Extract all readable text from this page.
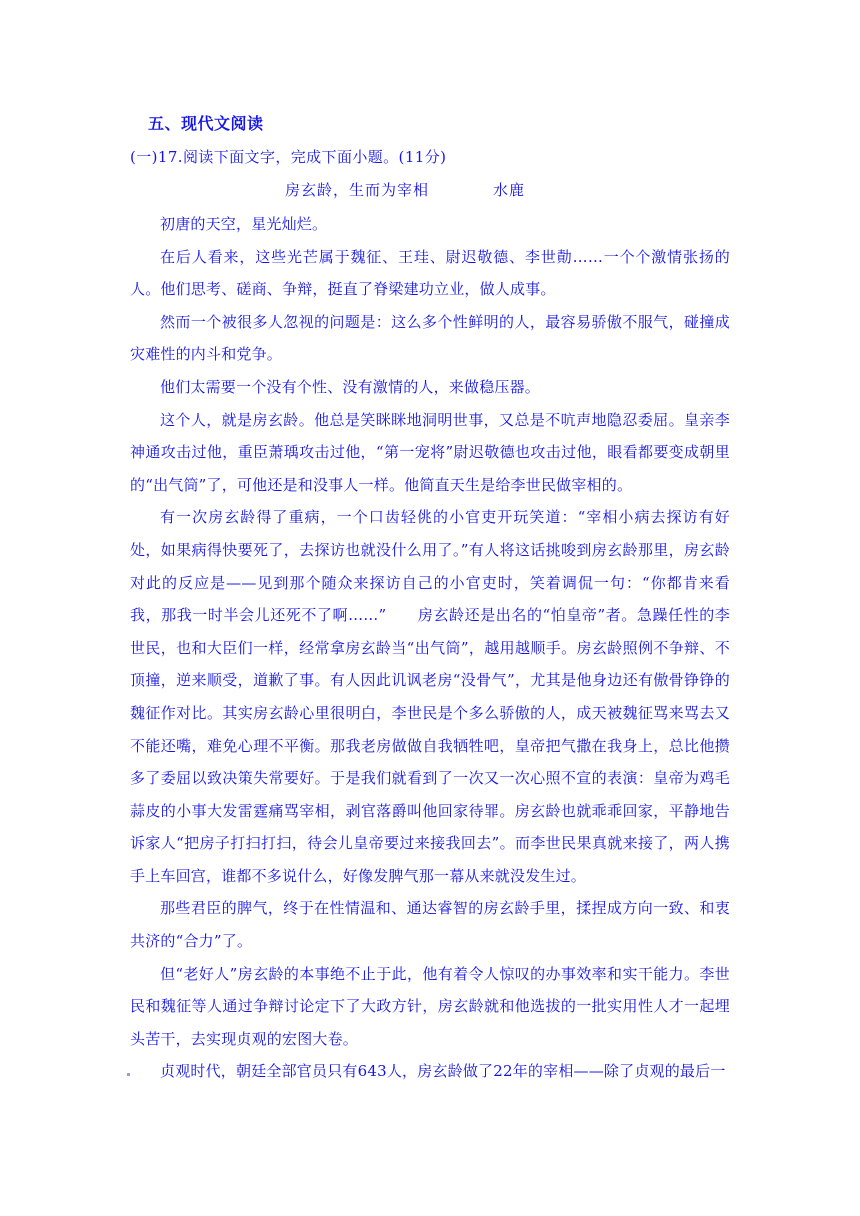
五、现代文阅读
(一)17.阅读下面文字，完成下面小题。(11分)
房玄龄，生而为宰相	水鹿

初唐的天空，星光灿烂。

在后人看来，这些光芒属于魏征、王珪、尉迟敬德、李世勣……一个个激情张扬的人。他们思考、磋商、争辩，挺直了脊梁建功立业，做人成事。

然而一个被很多人忽视的问题是：这么多个性鲜明的人，最容易骄傲不服气，碰撞成灾难性的内斗和党争。

他们太需要一个没有个性、没有激情的人，来做稳压器。

这个人，就是房玄龄。他总是笑眯眯地洞明世事，又总是不吭声地隐忍委屈。皇亲李神通攻击过他，重臣萧瑀攻击过他，“第一宠将”尉迟敬德也攻击过他，眼看都要变成朝里的“出气筒”了，可他还是和没事人一样。他简直天生是给李世民做宰相的。

有一次房玄龄得了重病，一个口齿轻佻的小官吏开玩笑道：“宰相小病去探访有好处，如果病得快要死了，去探访也就没什么用了。”有人将这话挑唆到房玄龄那里，房玄龄对此的反应是——见到那个随众来探访自己的小官吏时，笑着调侃一句：“你都肯来看我，那我一时半会儿还死不了啊……”　　房玄龄还是出名的“怕皇帝”者。急躁任性的李世民，也和大臣们一样，经常拿房玄龄当“出气筒”，越用越顺手。房玄龄照例不争辩、不顶撞，逆来顺受，道歉了事。有人因此讥讽老房“没骨气”，尤其是他身边还有傲骨铮铮的魏征作对比。其实房玄龄心里很明白，李世民是个多么骄傲的人，成天被魏征骂来骂去又不能还嘴，难免心理不平衡。那我老房做做自我牺牲吧，皇帝把气撒在我身上，总比他攒多了委屈以致决策失常要好。于是我们就看到了一次又一次心照不宣的表演：皇帝为鸡毛蒜皮的小事大发雷霆痛骂宰相，剥官落爵叫他回家待罪。房玄龄也就乖乖回家，平静地告诉家人“把房子打扫打扫，待会儿皇帝要过来接我回去”。而李世民果真就来接了，两人携手上车回宫，谁都不多说什么，好像发脾气那一幕从来就没发生过。

那些君臣的脾气，终于在性情温和、通达睿智的房玄龄手里，揉捏成方向一致、和衷共济的“合力”了。

但“老好人”房玄龄的本事绝不止于此，他有着令人惊叹的办事效率和实干能力。李世民和魏征等人通过争辩讨论定下了大政方针，房玄龄就和他选拔的一批实用性人才一起埋头苦干，去实现贞观的宏图大卷。

贞观时代，朝廷全部官员只有643人，房玄龄做了22年的宰相——除了贞观的最后一
